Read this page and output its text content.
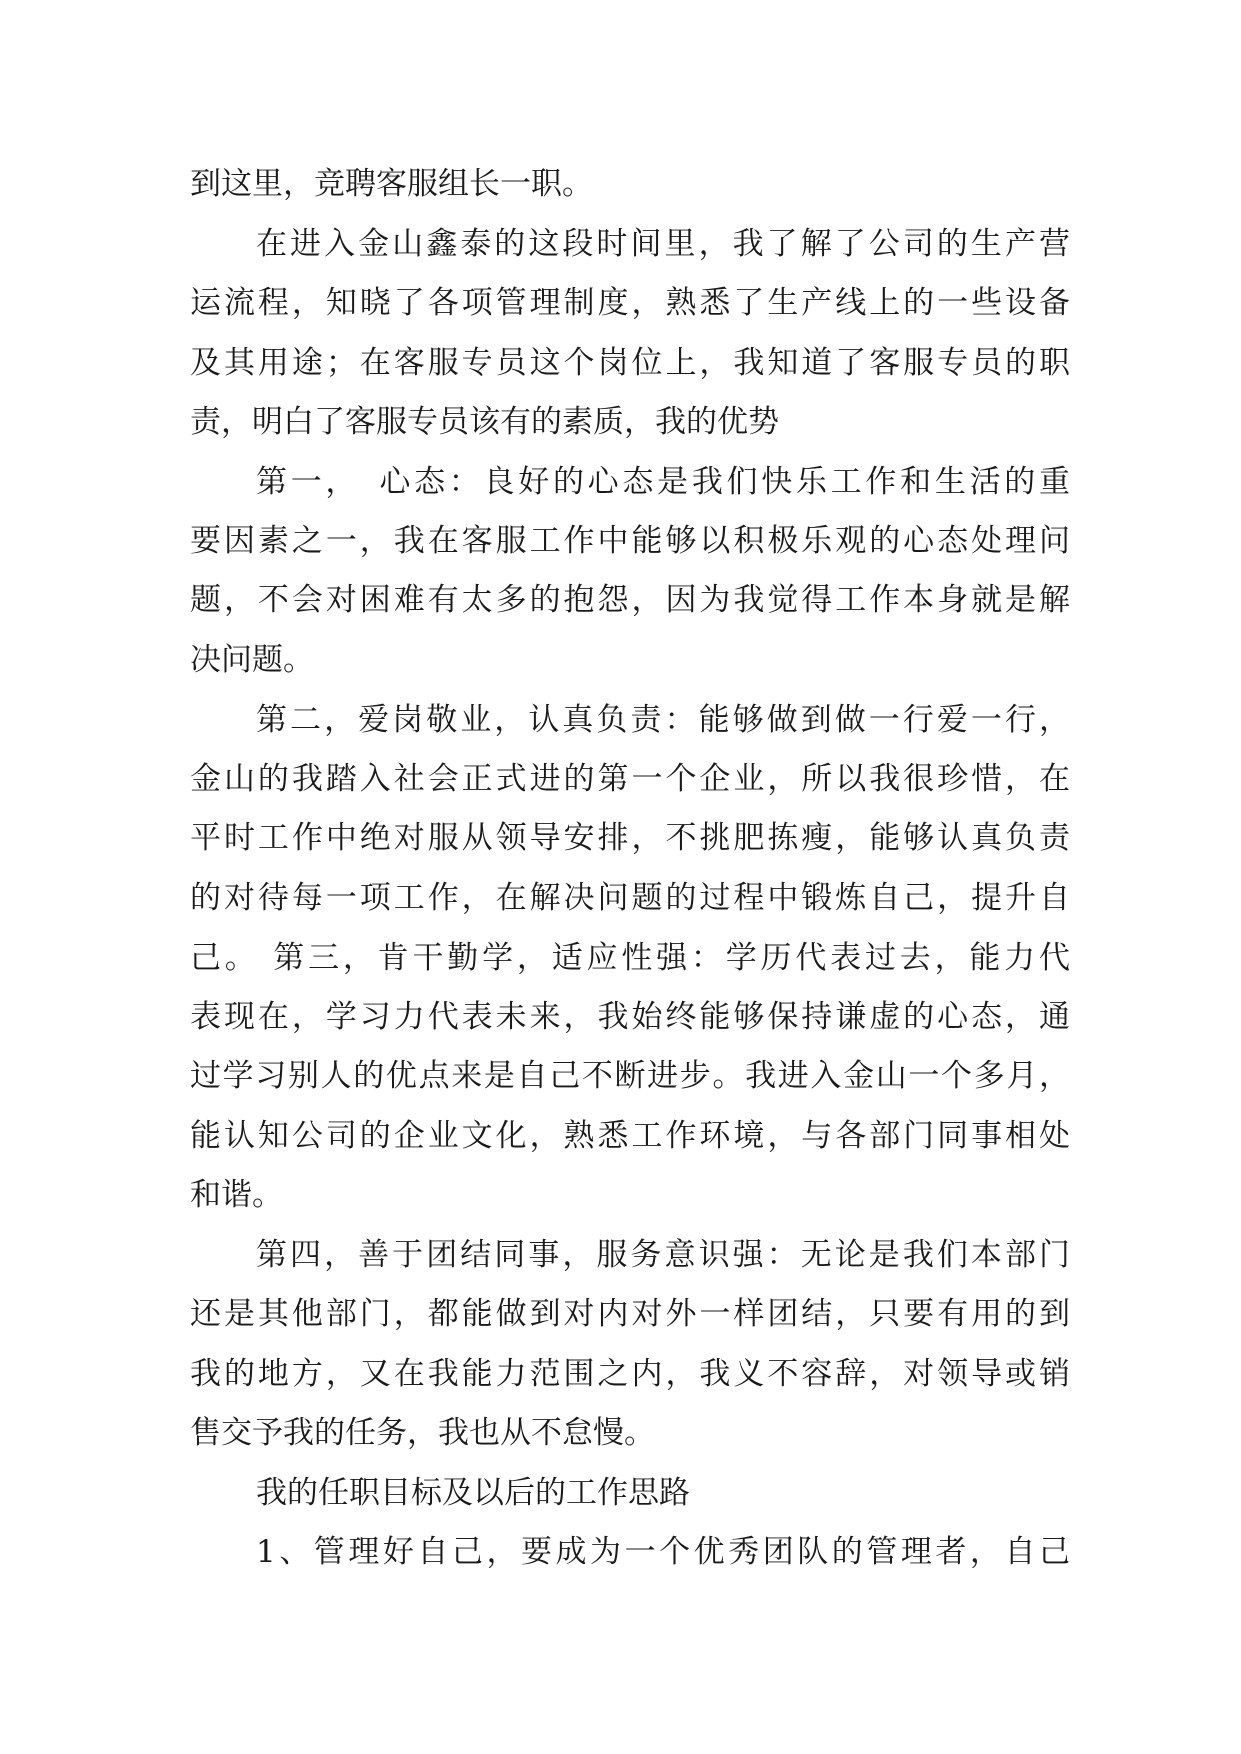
到这里，竞聘客服组长一职。
在进入金山鑫泰的这段时间里，我了解了公司的生产营
运流程，知晓了各项管理制度，熟悉了生产线上的一些设备
及其用途；在客服专员这个岗位上，我知道了客服专员的职
责，明白了客服专员该有的素质，我的优势
第一，　心态：良好的心态是我们快乐工作和生活的重
要因素之一，我在客服工作中能够以积极乐观的心态处理问
题，不会对困难有太多的抱怨，因为我觉得工作本身就是解
决问题。
第二，爱岗敬业，认真负责：能够做到做一行爱一行，
金山的我踏入社会正式进的第一个企业，所以我很珍惜，在
平时工作中绝对服从领导安排，不挑肥拣瘦，能够认真负责
的对待每一项工作，在解决问题的过程中锻炼自己，提升自
己。 第三，肯干勤学，适应性强：学历代表过去，能力代
表现在，学习力代表未来，我始终能够保持谦虚的心态，通
过学习别人的优点来是自己不断进步。我进入金山一个多月，
能认知公司的企业文化，熟悉工作环境，与各部门同事相处
和谐。
第四，善于团结同事，服务意识强：无论是我们本部门
还是其他部门，都能做到对内对外一样团结，只要有用的到
我的地方，又在我能力范围之内，我义不容辞，对领导或销
售交予我的任务，我也从不怠慢。
我的任职目标及以后的工作思路
1、管理好自己，要成为一个优秀团队的管理者，自己
